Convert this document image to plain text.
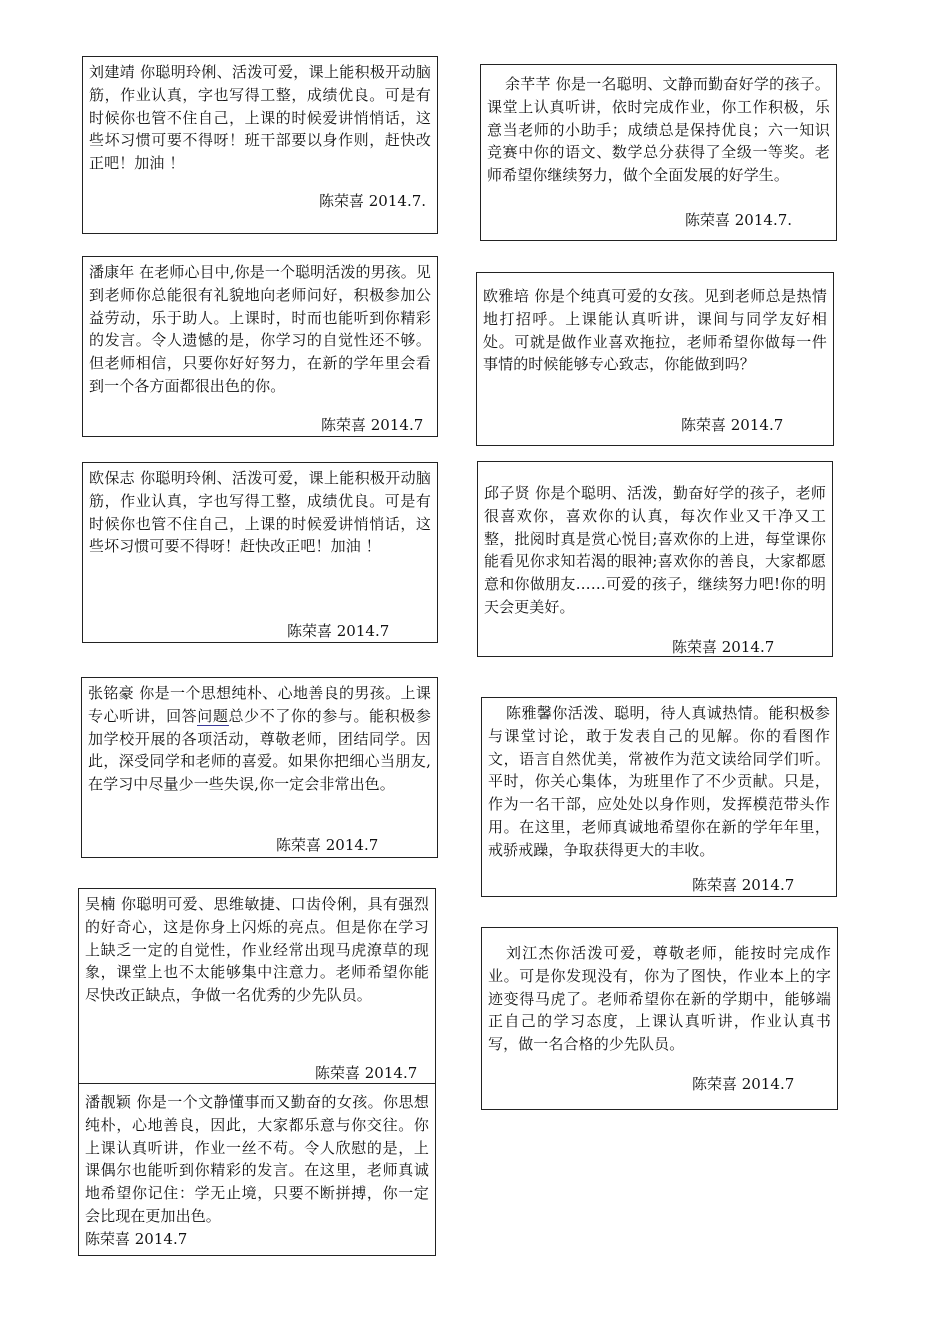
刘建靖 你聪明玲俐、活泼可爱，课上能积极开动脑筋，作业认真，字也写得工整，成绩优良。可是有时候你也管不住自己，上课的时候爱讲悄悄话，这些坏习惯可要不得呀！班干部要以身作则，赶快改正吧！加油 ！
陈荣喜 2014.7.
余芊芊 你是一名聪明、文静而勤奋好学的孩子。课堂上认真听讲，依时完成作业，你工作积极，乐意当老师的小助手；成绩总是保持优良；六一知识竞赛中你的语文、数学总分获得了全级一等奖。老师希望你继续努力，做个全面发展的好学生。
陈荣喜 2014.7.
潘康年 在老师心目中,你是一个聪明活泼的男孩。见到老师你总能很有礼貌地向老师问好，积极参加公益劳动，乐于助人。上课时，时而也能听到你精彩的发言。令人遗憾的是，你学习的自觉性还不够。但老师相信，只要你好好努力，在新的学年里会看到一个各方面都很出色的你。
陈荣喜 2014.7
欧雅培 你是个纯真可爱的女孩。见到老师总是热情地打招呼。上课能认真听讲，课间与同学友好相处。可就是做作业喜欢拖拉，老师希望你做每一件事情的时候能够专心致志，你能做到吗？
陈荣喜 2014.7
欧保志 你聪明玲俐、活泼可爱，课上能积极开动脑筋，作业认真，字也写得工整，成绩优良。可是有时候你也管不住自己，上课的时候爱讲悄悄话，这些坏习惯可要不得呀！赶快改正吧！加油 ！
陈荣喜 2014.7
邱子贤 你是个聪明、活泼，勤奋好学的孩子，老师很喜欢你，喜欢你的认真，每次作业又干净又工整，批阅时真是赏心悦目;喜欢你的上进，每堂课你能看见你求知若渴的眼神;喜欢你的善良，大家都愿意和你做朋友……可爱的孩子，继续努力吧!你的明天会更美好。
陈荣喜 2014.7
张铭豪 你是一个思想纯朴、心地善良的男孩。上课专心听讲，回答问题总少不了你的参与。能积极参加学校开展的各项活动，尊敬老师，团结同学。因此，深受同学和老师的喜爱。如果你把细心当朋友,在学习中尽量少一些失误,你一定会非常出色。
陈荣喜 2014.7
陈雅馨你活泼、聪明，待人真诚热情。能积极参与课堂讨论，敢于发表自己的见解。你的看图作文，语言自然优美，常被作为范文读给同学们听。平时，你关心集体，为班里作了不少贡献。只是，作为一名干部，应处处以身作则，发挥模范带头作用。在这里，老师真诚地希望你在新的学年年里，戒骄戒躁，争取获得更大的丰收。
陈荣喜 2014.7
吴楠 你聪明可爱、思维敏捷、口齿伶俐，具有强烈的好奇心，这是你身上闪烁的亮点。但是你在学习上缺乏一定的自觉性，作业经常出现马虎潦草的现象，课堂上也不太能够集中注意力。老师希望你能尽快改正缺点，争做一名优秀的少先队员。
陈荣喜 2014.7
刘江杰你活泼可爱，尊敬老师，能按时完成作业。可是你发现没有，你为了图快，作业本上的字迹变得马虎了。老师希望你在新的学期中，能够端正自己的学习态度，上课认真听讲，作业认真书写，做一名合格的少先队员。
陈荣喜 2014.7
潘靓颖 你是一个文静懂事而又勤奋的女孩。你思想纯朴，心地善良，因此，大家都乐意与你交往。你上课认真听讲，作业一丝不苟。令人欣慰的是，上课偶尔也能听到你精彩的发言。在这里，老师真诚地希望你记住：学无止境，只要不断拼搏，你一定会比现在更加出色。
陈荣喜 2014.7
